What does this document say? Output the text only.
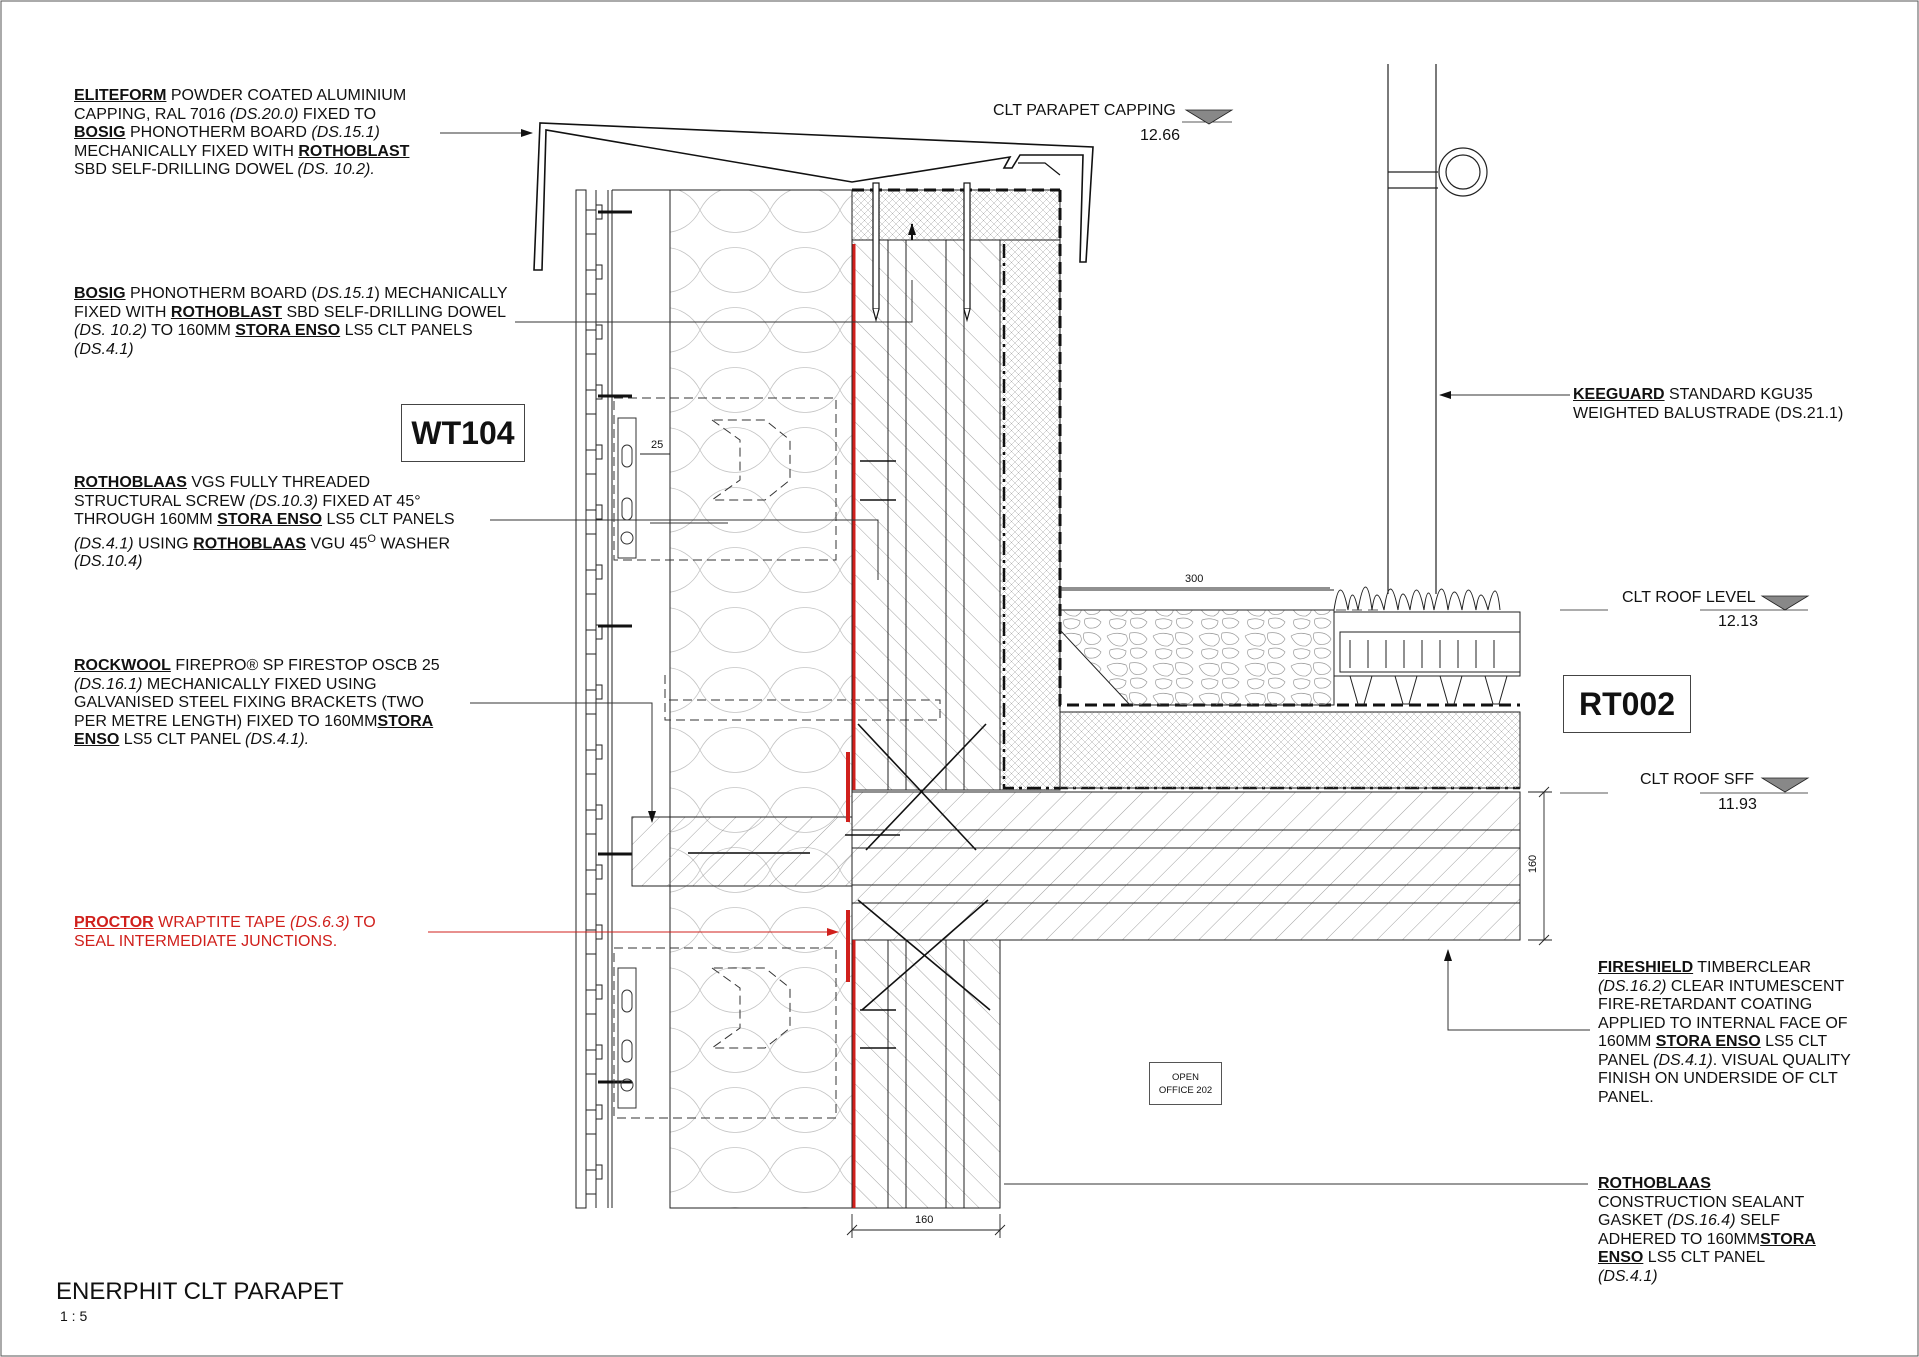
ELITEFORM POWDER COATED ALUMINIUM
CAPPING, RAL 7016 (DS.20.0) FIXED TO
BOSIG PHONOTHERM BOARD (DS.15.1)
MECHANICALLY FIXED WITH ROTHOBLAST
SBD SELF-DRILLING DOWEL (DS. 10.2).
BOSIG PHONOTHERM BOARD (DS.15.1) MECHANICALLY
FIXED WITH ROTHOBLAST SBD SELF-DRILLING DOWEL
(DS. 10.2) TO 160MM STORA ENSO LS5 CLT PANELS
(DS.4.1)
WT104
ROTHOBLAAS VGS FULLY THREADED
STRUCTURAL SCREW (DS.10.3) FIXED AT 45°
THROUGH 160MM STORA ENSO LS5 CLT PANELS
(DS.4.1) USING ROTHOBLAAS VGU $45^O$ WASHER
(DS.10.4)
ROCKWOOL FIREPRO® SP FIRESTOP OSCB 25
(DS.16.1) MECHANICALLY FIXED USING
GALVANISED STEEL FIXING BRACKETS (TWO
PER METRE LENGTH) FIXED TO 160MMSTORA
ENSO LS5 CLT PANEL (DS.4.1).
PROCTOR WRAPTITE TAPE (DS.6.3) TO
SEAL INTERMEDIATE JUNCTIONS.
KEEGUARD STANDARD KGU35
WEIGHTED BALUSTRADE (DS.21.1)
RT002
FIRESHIELD TIMBERCLEAR
(DS.16.2) CLEAR INTUMESCENT
FIRE-RETARDANT COATING
APPLIED TO INTERNAL FACE OF
160MM STORA ENSO LS5 CLT
PANEL (DS.4.1). VISUAL QUALITY
FINISH ON UNDERSIDE OF CLT
PANEL.
ROTHOBLAAS
CONSTRUCTION SEALANT
GASKET (DS.16.4) SELF
ADHERED TO 160MMSTORA
ENSO LS5 CLT PANEL
(DS.4.1)
CLT PARAPET CAPPING
12.66
CLT ROOF LEVEL
12.13
CLT ROOF SFF
11.93
160
160
300
25
OPEN
OFFICE 202
ENERPHIT CLT PARAPET
1 : 5
